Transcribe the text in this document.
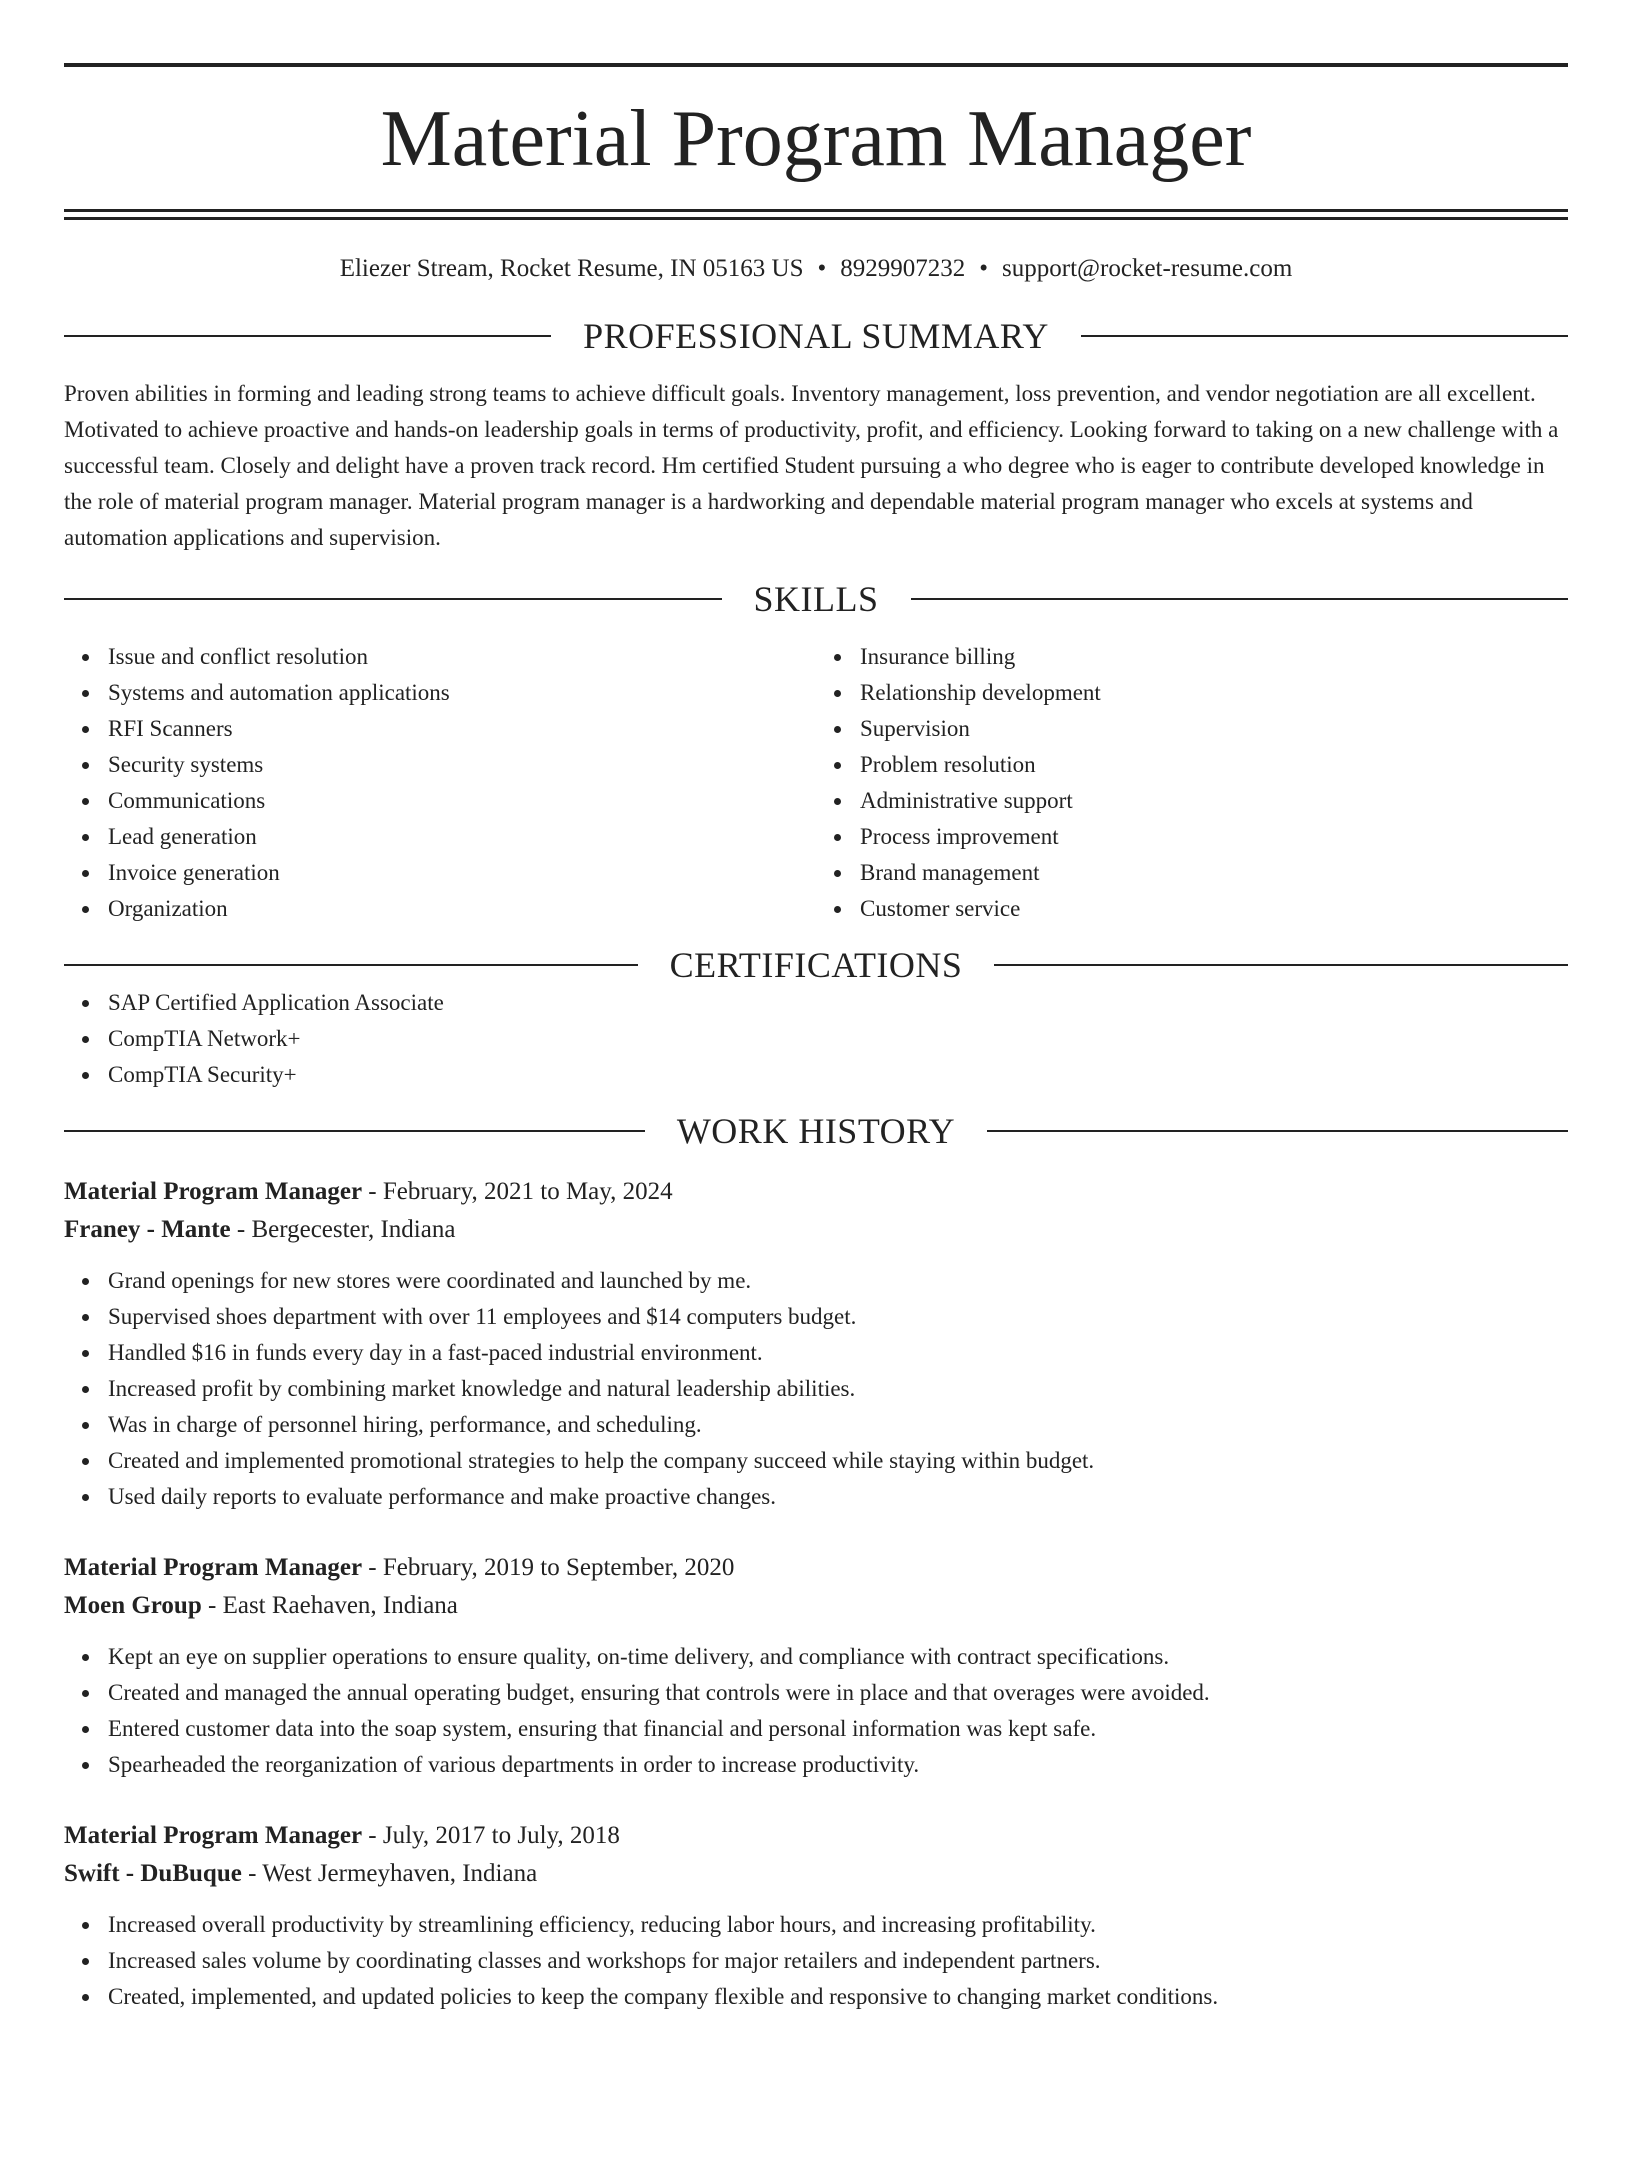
Material Program Manager
Eliezer Stream, Rocket Resume, IN 05163 US • 8929907232 • support@rocket-resume.com
PROFESSIONAL SUMMARY

Proven abilities in forming and leading strong teams to achieve difficult goals. Inventory management, loss prevention, and vendor negotiation are all excellent. Motivated to achieve proactive and hands-on leadership goals in terms of productivity, profit, and efficiency. Looking forward to taking on a new challenge with a successful team. Closely and delight have a proven track record. Hm certified Student pursuing a who degree who is eager to contribute developed knowledge in the role of material program manager. Material program manager is a hardworking and dependable material program manager who excels at systems and automation applications and supervision.

SKILLS
Issue and conflict resolution
Systems and automation applications
RFI Scanners
Security systems
Communications
Lead generation
Invoice generation
Organization
Insurance billing
Relationship development
Supervision
Problem resolution
Administrative support
Process improvement
Brand management
Customer service
CERTIFICATIONS
SAP Certified Application Associate
CompTIA Network+
CompTIA Security+
WORK HISTORY
Material Program Manager - February, 2021 to May, 2024
Franey - Mante - Bergecester, Indiana
Grand openings for new stores were coordinated and launched by me.
Supervised shoes department with over 11 employees and $14 computers budget.
Handled $16 in funds every day in a fast-paced industrial environment.
Increased profit by combining market knowledge and natural leadership abilities.
Was in charge of personnel hiring, performance, and scheduling.
Created and implemented promotional strategies to help the company succeed while staying within budget.
Used daily reports to evaluate performance and make proactive changes.
Material Program Manager - February, 2019 to September, 2020
Moen Group - East Raehaven, Indiana
Kept an eye on supplier operations to ensure quality, on-time delivery, and compliance with contract specifications.
Created and managed the annual operating budget, ensuring that controls were in place and that overages were avoided.
Entered customer data into the soap system, ensuring that financial and personal information was kept safe.
Spearheaded the reorganization of various departments in order to increase productivity.
Material Program Manager - July, 2017 to July, 2018
Swift - DuBuque - West Jermeyhaven, Indiana
Increased overall productivity by streamlining efficiency, reducing labor hours, and increasing profitability.
Increased sales volume by coordinating classes and workshops for major retailers and independent partners.
Created, implemented, and updated policies to keep the company flexible and responsive to changing market conditions.
